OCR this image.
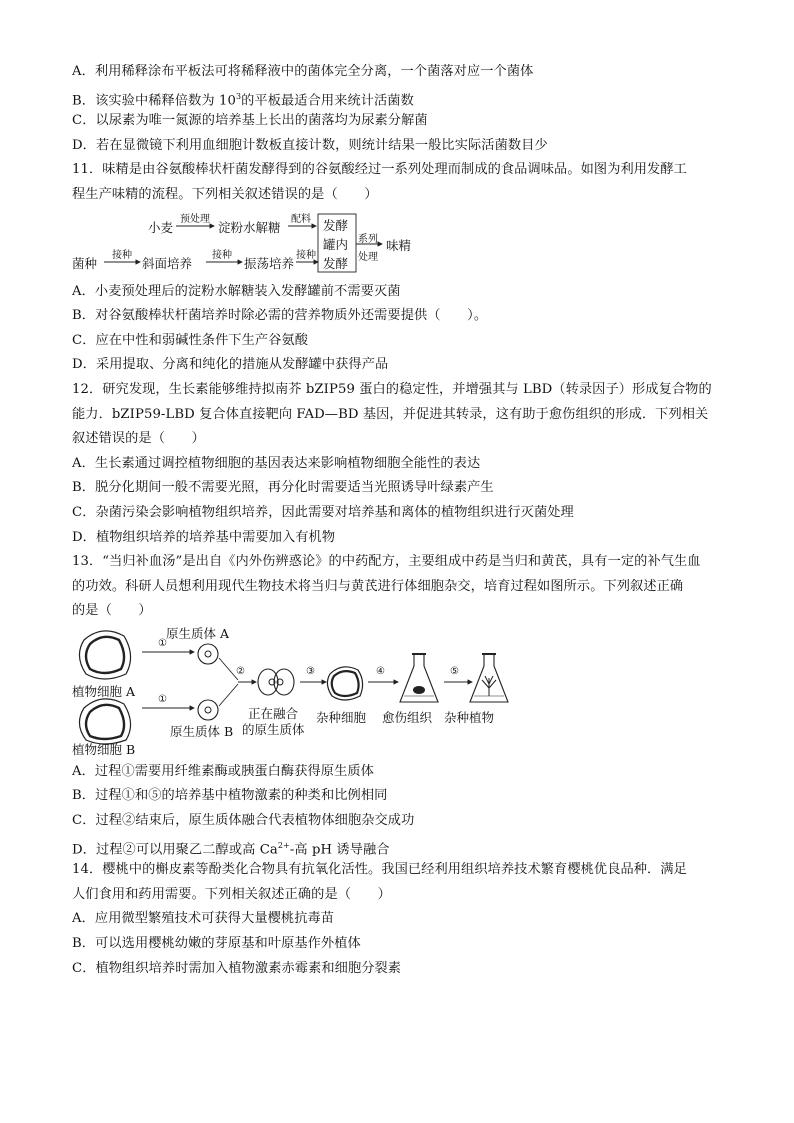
A．利用稀释涂布平板法可将稀释液中的菌体完全分离，一个菌落对应一个菌体
B．该实验中稀释倍数为 $10^3$的平板最适合用来统计活菌数
C．以尿素为唯一氮源的培养基上长出的菌落均为尿素分解菌
D．若在显微镜下利用血细胞计数板直接计数，则统计结果一般比实际活菌数目少
11．味精是由谷氨酸棒状杆菌发酵得到的谷氨酸经过一系列处理而制成的食品调味品。如图为利用发酵工
程生产味精的流程。下列相关叙述错误的是（　　）
小麦
预处理
淀粉水解糖
配料
菌种
接种
斜面培养
接种
振荡培养
接种
发酵
罐内
发酵
系列
处理
味精
A．小麦预处理后的淀粉水解糖装入发酵罐前不需要灭菌
B．对谷氨酸棒状杆菌培养时除必需的营养物质外还需要提供（　　）。
C．应在中性和弱碱性条件下生产谷氨酸
D．采用提取、分离和纯化的措施从发酵罐中获得产品
12．研究发现，生长素能够维持拟南芥 bZIP59 蛋白的稳定性，并增强其与 LBD（转录因子）形成复合物的
能力．bZIP59-LBD 复合体直接靶向 FAD—BD 基因，并促进其转录，这有助于愈伤组织的形成．下列相关
叙述错误的是（　　）
A．生长素通过调控植物细胞的基因表达来影响植物细胞全能性的表达
B．脱分化期间一般不需要光照，再分化时需要适当光照诱导叶绿素产生
C．杂菌污染会影响植物组织培养，因此需要对培养基和离体的植物组织进行灭菌处理
D．植物组织培养的培养基中需要加入有机物
13．“当归补血汤”是出自《内外伤辨惑论》的中药配方，主要组成中药是当归和黄芪，具有一定的补气生血
的功效。科研人员想利用现代生物技术将当归与黄芪进行体细胞杂交，培育过程如图所示。下列叙述正确
的是（　　）
原生质体 A
①
植物细胞 A
①
原生质体 B
植物细胞 B
②	③	④	⑤
正在融合
的原生质体
杂种细胞 愈伤组织 杂种植物
A．过程①需要用纤维素酶或胰蛋白酶获得原生质体
B．过程①和⑤的培养基中植物激素的种类和比例相同
C．过程②结束后，原生质体融合代表植物体细胞杂交成功
D．过程②可以用聚乙二醇或高 $Ca^{2+}-$高 pH 诱导融合
14．樱桃中的槲皮素等酚类化合物具有抗氧化活性。我国已经利用组织培养技术繁育樱桃优良品种．满足
人们食用和药用需要。下列相关叙述正确的是（　　）
A．应用微型繁殖技术可获得大量樱桃抗毒苗
B．可以选用樱桃幼嫩的芽原基和叶原基作外植体
C．植物组织培养时需加入植物激素赤霉素和细胞分裂素
